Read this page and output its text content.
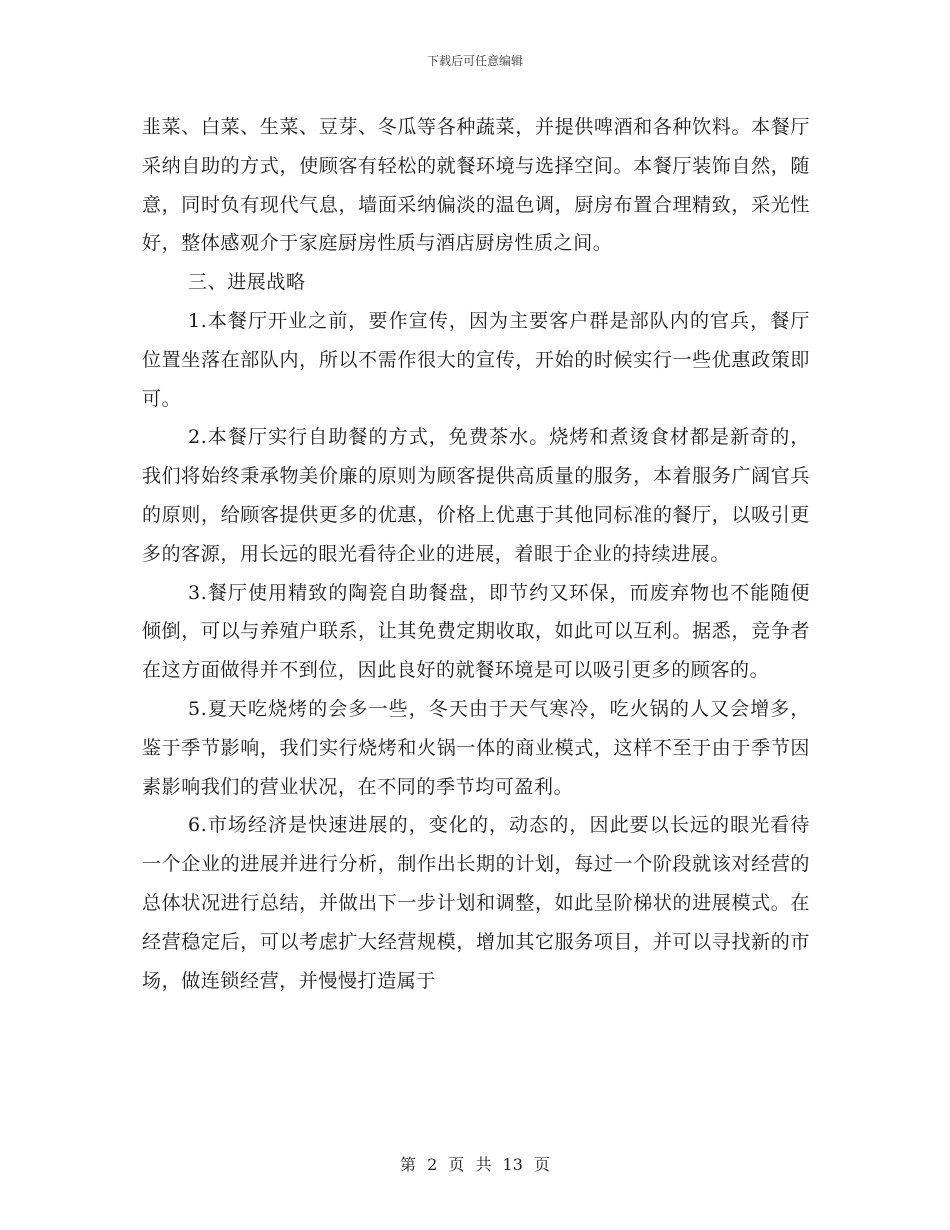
下载后可任意编辑

韭菜、白菜、生菜、豆芽、冬瓜等各种蔬菜，并提供啤酒和各种饮料。本餐厅采纳自助的方式，使顾客有轻松的就餐环境与选择空间。本餐厅装饰自然，随意，同时负有现代气息，墙面采纳偏淡的温色调，厨房布置合理精致，采光性好，整体感观介于家庭厨房性质与酒店厨房性质之间。

三、进展战略

1.本餐厅开业之前，要作宣传，因为主要客户群是部队内的官兵，餐厅位置坐落在部队内，所以不需作很大的宣传，开始的时候实行一些优惠政策即可。

2.本餐厅实行自助餐的方式，免费茶水。烧烤和煮烫食材都是新奇的，我们将始终秉承物美价廉的原则为顾客提供高质量的服务，本着服务广阔官兵的原则，给顾客提供更多的优惠，价格上优惠于其他同标准的餐厅，以吸引更多的客源，用长远的眼光看待企业的进展，着眼于企业的持续进展。

3.餐厅使用精致的陶瓷自助餐盘，即节约又环保，而废弃物也不能随便倾倒，可以与养殖户联系，让其免费定期收取，如此可以互利。据悉，竞争者在这方面做得并不到位，因此良好的就餐环境是可以吸引更多的顾客的。

5.夏天吃烧烤的会多一些，冬天由于天气寒冷，吃火锅的人又会增多，鉴于季节影响，我们实行烧烤和火锅一体的商业模式，这样不至于由于季节因素影响我们的营业状况，在不同的季节均可盈利。

6.市场经济是快速进展的，变化的，动态的，因此要以长远的眼光看待一个企业的进展并进行分析，制作出长期的计划，每过一个阶段就该对经营的总体状况进行总结，并做出下一步计划和调整，如此呈阶梯状的进展模式。在经营稳定后，可以考虑扩大经营规模，增加其它服务项目，并可以寻找新的市场，做连锁经营，并慢慢打造属于

第 2 页 共 13 页
